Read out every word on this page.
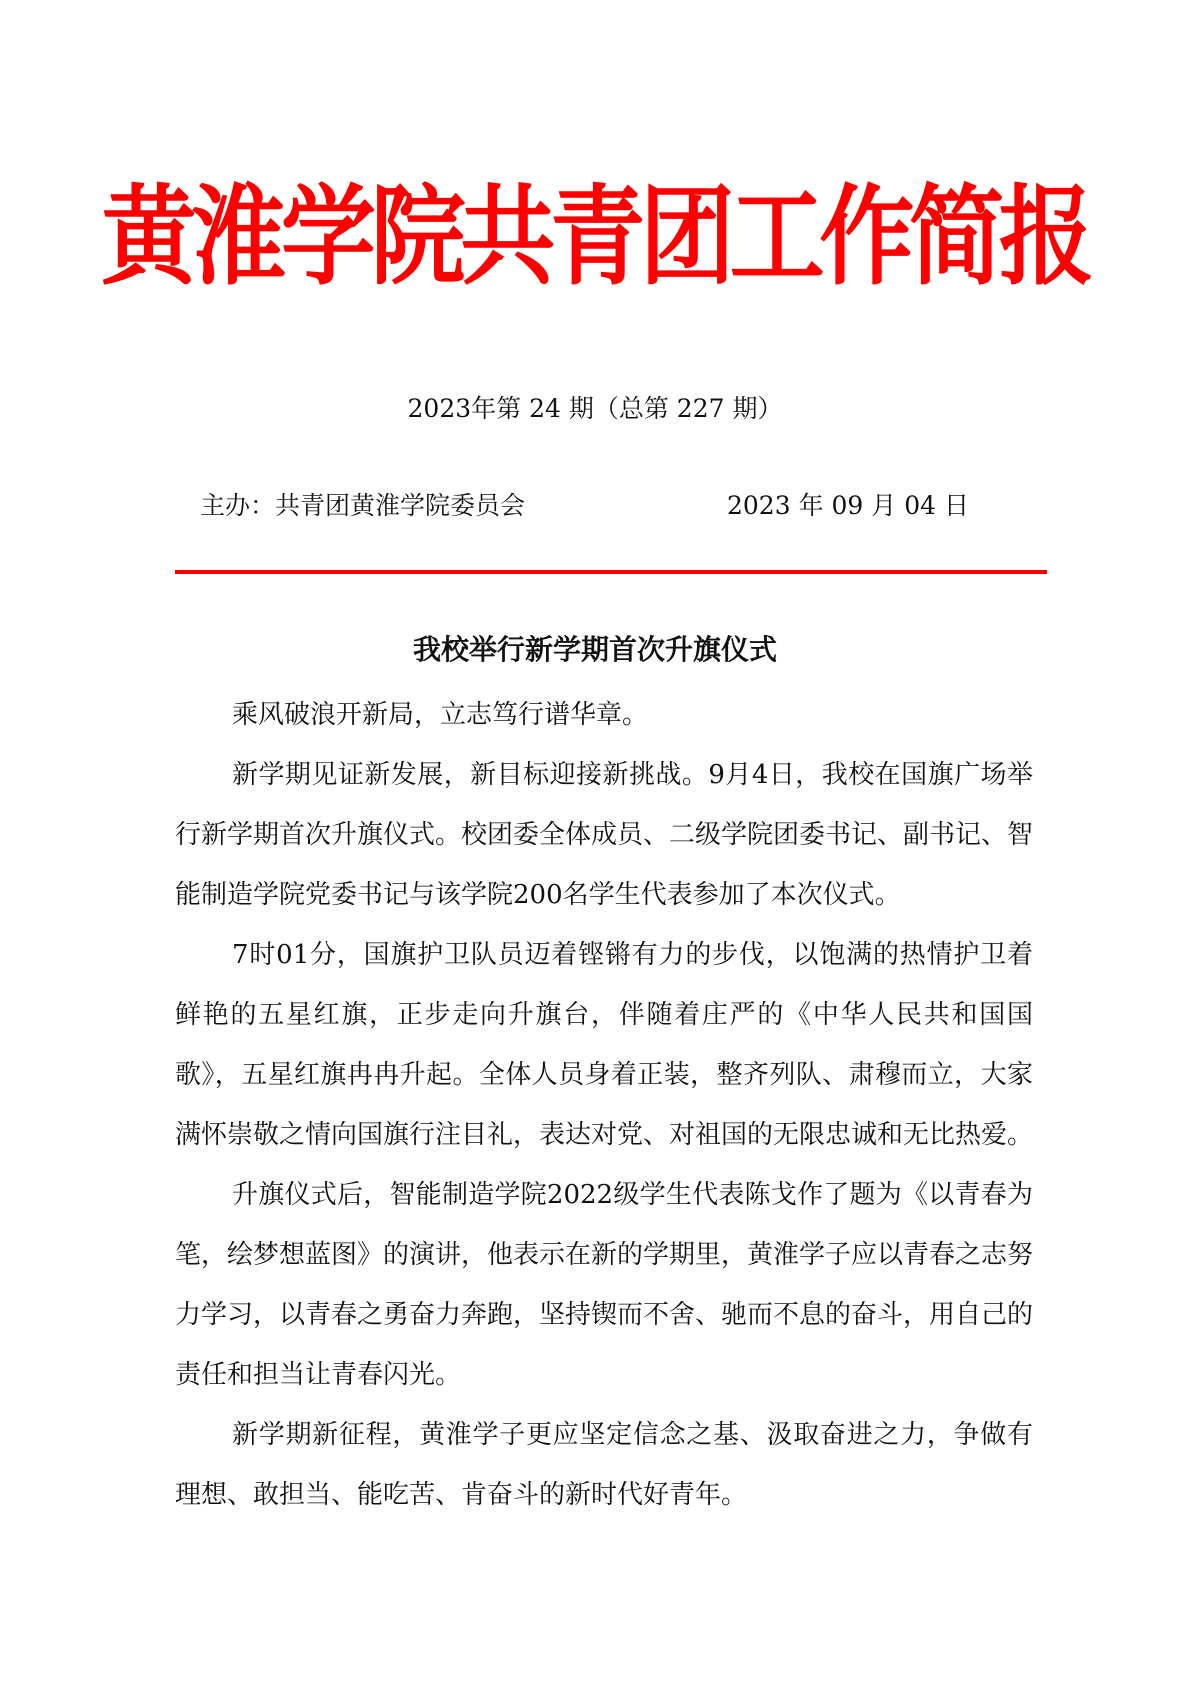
黄淮学院共青团工作简报
2023年第 24 期（总第 227 期）
主办：共青团黄淮学院委员会	2023 年 09 月 04 日
我校举行新学期首次升旗仪式

乘风破浪开新局，立志笃行谱华章。

新学期见证新发展，新目标迎接新挑战。9月4日，我校在国旗广场举行新学期首次升旗仪式。校团委全体成员、二级学院团委书记、副书记、智能制造学院党委书记与该学院200名学生代表参加了本次仪式。

7时01分，国旗护卫队员迈着铿锵有力的步伐，以饱满的热情护卫着鲜艳的五星红旗，正步走向升旗台，伴随着庄严的《中华人民共和国国歌》，五星红旗冉冉升起。全体人员身着正装，整齐列队、肃穆而立，大家满怀崇敬之情向国旗行注目礼，表达对党、对祖国的无限忠诚和无比热爱。

升旗仪式后，智能制造学院2022级学生代表陈戈作了题为《以青春为笔，绘梦想蓝图》的演讲，他表示在新的学期里，黄淮学子应以青春之志努力学习，以青春之勇奋力奔跑，坚持锲而不舍、驰而不息的奋斗，用自己的责任和担当让青春闪光。

新学期新征程，黄淮学子更应坚定信念之基、汲取奋进之力，争做有理想、敢担当、能吃苦、肯奋斗的新时代好青年。
